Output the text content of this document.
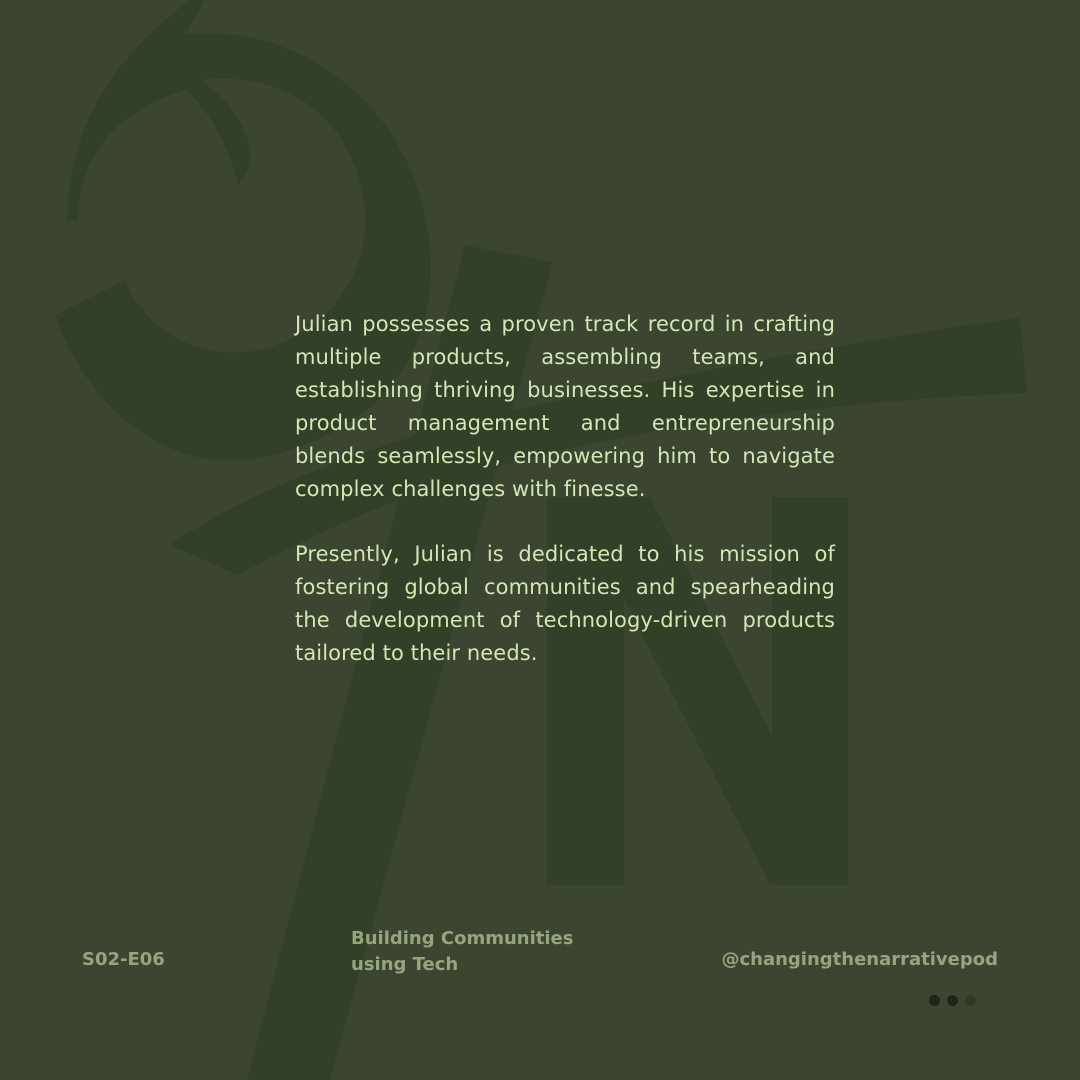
Julian possesses a proven track record in crafting multiple products, assembling teams, and establishing thriving businesses. His expertise in product management and entrepreneurship blends seamlessly, empowering him to navigate complex challenges with finesse.

Presently, Julian is dedicated to his mission of fostering global communities and spearheading the development of technology-driven products tailored to their needs.

S02-E06
Building Communities
using Tech	@changingthenarrativepod
